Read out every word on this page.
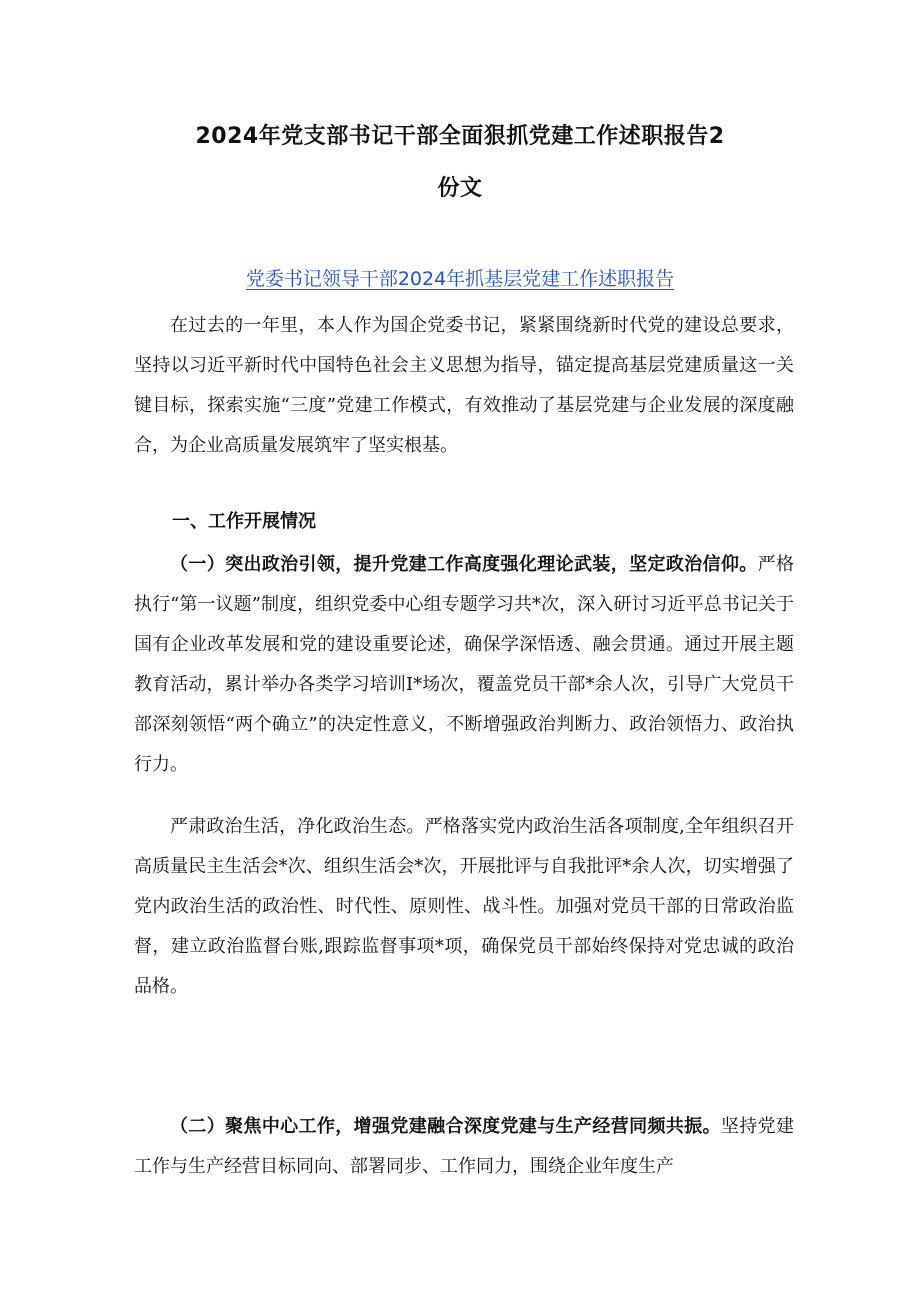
2024年党支部书记干部全面狠抓党建工作述职报告2
份文
党委书记领导干部2024年抓基层党建工作述职报告

在过去的一年里，本人作为国企党委书记，紧紧围绕新时代党的建设总要求，坚持以习近平新时代中国特色社会主义思想为指导，锚定提高基层党建质量这一关键目标，探索实施“三度”党建工作模式，有效推动了基层党建与企业发展的深度融合，为企业高质量发展筑牢了坚实根基。

一、工作开展情况

（一）突出政治引领，提升党建工作高度强化理论武装，坚定政治信仰。严格执行“第一议题”制度，组织党委中心组专题学习共*次，深入研讨习近平总书记关于国有企业改革发展和党的建设重要论述，确保学深悟透、融会贯通。通过开展主题教育活动，累计举办各类学习培训I*场次，覆盖党员干部*余人次，引导广大党员干部深刻领悟“两个确立”的决定性意义，不断增强政治判断力、政治领悟力、政治执行力。

严肃政治生活，净化政治生态。严格落实党内政治生活各项制度,全年组织召开高质量民主生活会*次、组织生活会*次，开展批评与自我批评*余人次，切实增强了党内政治生活的政治性、时代性、原则性、战斗性。加强对党员干部的日常政治监督，建立政治监督台账,跟踪监督事项*项，确保党员干部始终保持对党忠诚的政治品格。

（二）聚焦中心工作，增强党建融合深度党建与生产经营同频共振。坚持党建工作与生产经营目标同向、部署同步、工作同力，围绕企业年度生产
